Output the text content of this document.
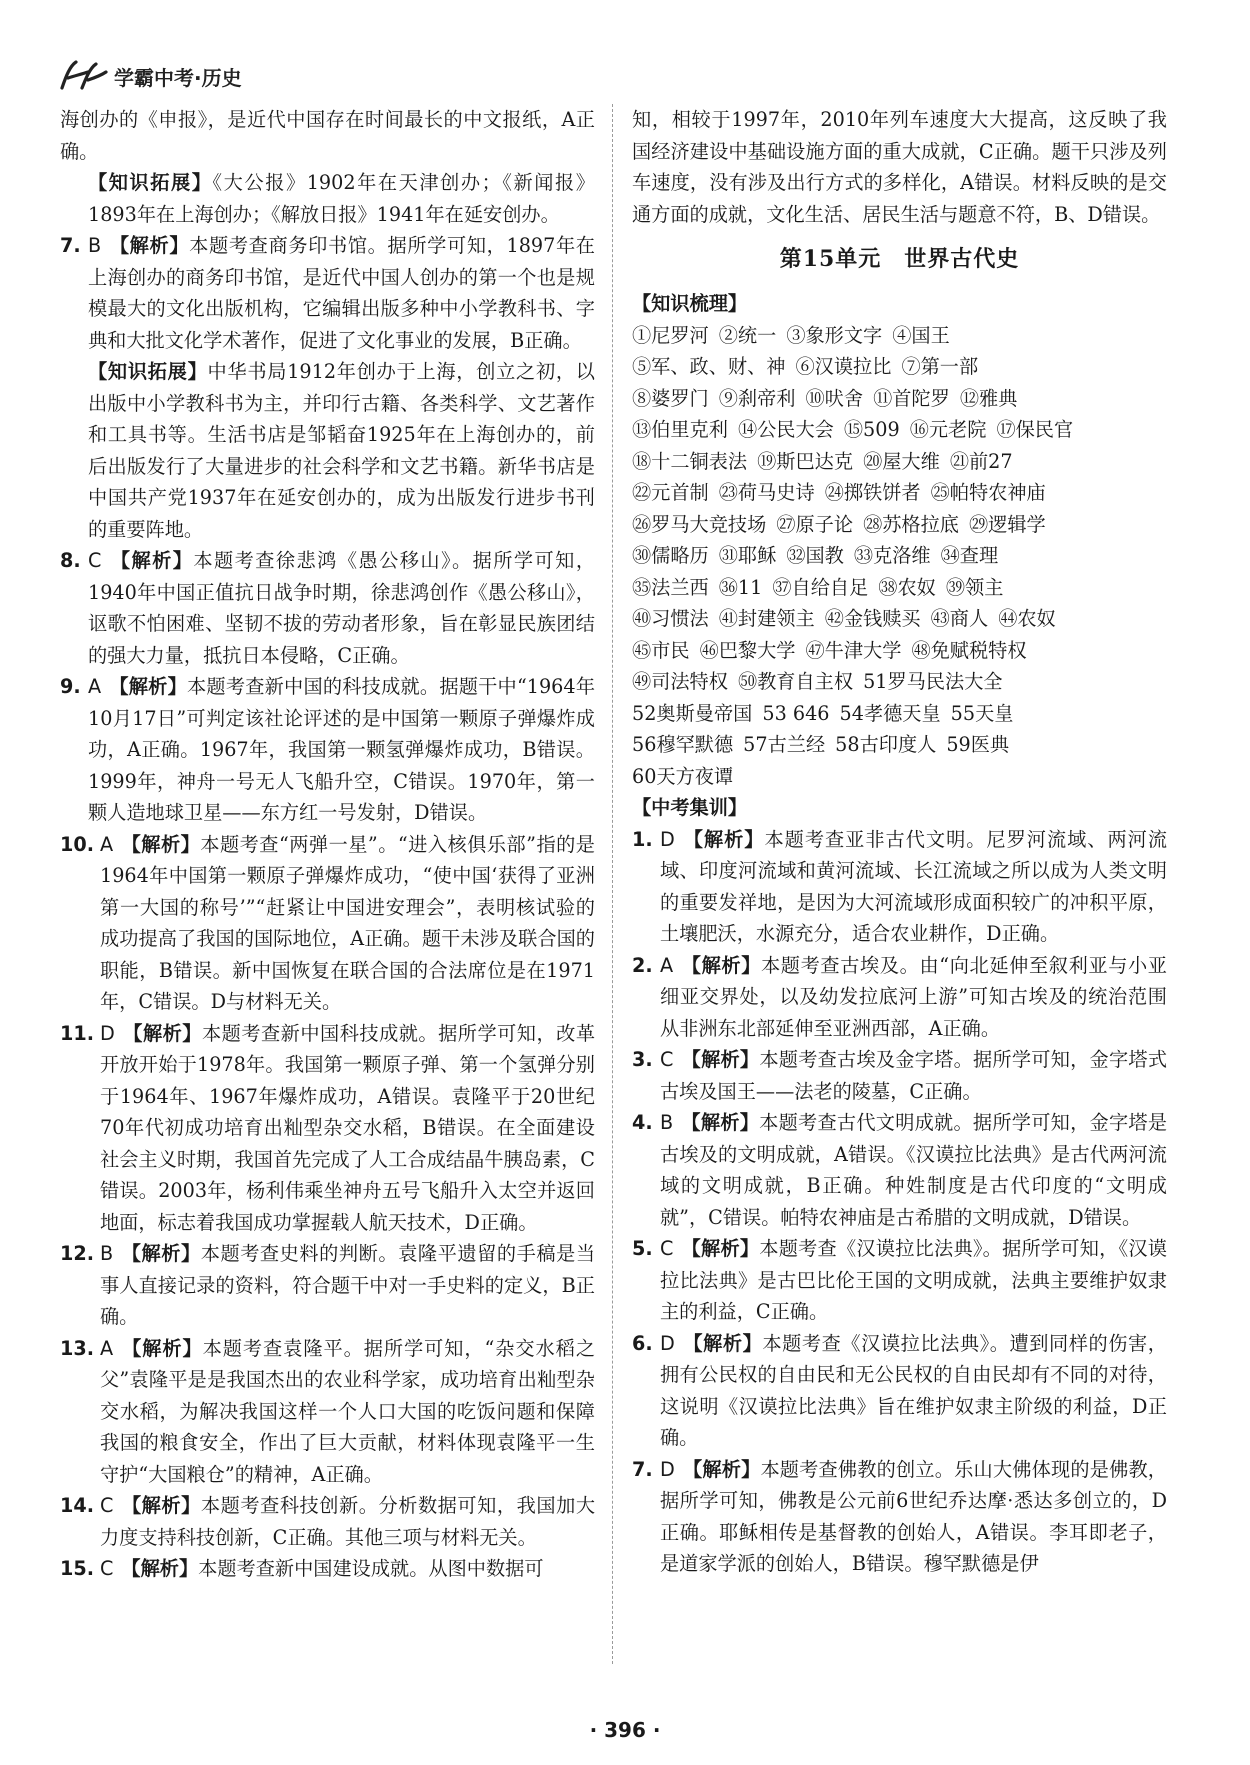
学霸中考·历史

海创办的《申报》，是近代中国存在时间最长的中文报纸，A正确。

【知识拓展】《大公报》1902年在天津创办；《新闻报》1893年在上海创办；《解放日报》1941年在延安创办。

7. B 【解析】本题考查商务印书馆。据所学可知，1897年在上海创办的商务印书馆，是近代中国人创办的第一个也是规模最大的文化出版机构，它编辑出版多种中小学教科书、字典和大批文化学术著作，促进了文化事业的发展，B正确。

【知识拓展】中华书局1912年创办于上海，创立之初，以出版中小学教科书为主，并印行古籍、各类科学、文艺著作和工具书等。生活书店是邹韬奋1925年在上海创办的，前后出版发行了大量进步的社会科学和文艺书籍。新华书店是中国共产党1937年在延安创办的，成为出版发行进步书刊的重要阵地。

8. C 【解析】本题考查徐悲鸿《愚公移山》。据所学可知，1940年中国正值抗日战争时期，徐悲鸿创作《愚公移山》，讴歌不怕困难、坚韧不拔的劳动者形象，旨在彰显民族团结的强大力量，抵抗日本侵略，C正确。

9. A 【解析】本题考查新中国的科技成就。据题干中“1964年10月17日”可判定该社论评述的是中国第一颗原子弹爆炸成功，A正确。1967年，我国第一颗氢弹爆炸成功，B错误。1999年，神舟一号无人飞船升空，C错误。1970年，第一颗人造地球卫星——东方红一号发射，D错误。

10. A 【解析】本题考查“两弹一星”。“进入核俱乐部”指的是1964年中国第一颗原子弹爆炸成功，“使中国‘获得了亚洲第一大国的称号’”“赶紧让中国进安理会”，表明核试验的成功提高了我国的国际地位，A正确。题干未涉及联合国的职能，B错误。新中国恢复在联合国的合法席位是在1971年，C错误。D与材料无关。

11. D 【解析】本题考查新中国科技成就。据所学可知，改革开放开始于1978年。我国第一颗原子弹、第一个氢弹分别于1964年、1967年爆炸成功，A错误。袁隆平于20世纪70年代初成功培育出籼型杂交水稻，B错误。在全面建设社会主义时期，我国首先完成了人工合成结晶牛胰岛素，C错误。2003年，杨利伟乘坐神舟五号飞船升入太空并返回地面，标志着我国成功掌握载人航天技术，D正确。

12. B 【解析】本题考查史料的判断。袁隆平遗留的手稿是当事人直接记录的资料，符合题干中对一手史料的定义，B正确。

13. A 【解析】本题考查袁隆平。据所学可知，“杂交水稻之父”袁隆平是是我国杰出的农业科学家，成功培育出籼型杂交水稻，为解决我国这样一个人口大国的吃饭问题和保障我国的粮食安全，作出了巨大贡献，材料体现袁隆平一生守护“大国粮仓”的精神，A正确。

14. C 【解析】本题考查科技创新。分析数据可知，我国加大力度支持科技创新，C正确。其他三项与材料无关。

15. C 【解析】本题考查新中国建设成就。从图中数据可

知，相较于1997年，2010年列车速度大大提高，这反映了我国经济建设中基础设施方面的重大成就，C正确。题干只涉及列车速度，没有涉及出行方式的多样化，A错误。材料反映的是交通方面的成就，文化生活、居民生活与题意不符，B、D错误。

第15单元　世界古代史

【知识梳理】

①尼罗河 ②统一 ③象形文字 ④国王

⑤军、政、财、神 ⑥汉谟拉比 ⑦第一部

⑧婆罗门 ⑨刹帝利 ⑩吠舍 ⑪首陀罗 ⑫雅典

⑬伯里克利 ⑭公民大会 ⑮509 ⑯元老院 ⑰保民官

⑱十二铜表法 ⑲斯巴达克 ⑳屋大维 ㉑前27

㉒元首制 ㉓荷马史诗 ㉔掷铁饼者 ㉕帕特农神庙

㉖罗马大竞技场 ㉗原子论 ㉘苏格拉底 ㉙逻辑学

㉚儒略历 ㉛耶稣 ㉜国教 ㉝克洛维 ㉞查理

㉟法兰西 ㊱11 ㊲自给自足 ㊳农奴 ㊴领主

㊵习惯法 ㊶封建领主 ㊷金钱赎买 ㊸商人 ㊹农奴

㊺市民 ㊻巴黎大学 ㊼牛津大学 ㊽免赋税特权

㊾司法特权 ㊿教育自主权 51罗马民法大全

52奥斯曼帝国 53 646 54孝德天皇 55天皇

56穆罕默德 57古兰经 58古印度人 59医典

60天方夜谭

【中考集训】

1. D 【解析】本题考查亚非古代文明。尼罗河流域、两河流域、印度河流域和黄河流域、长江流域之所以成为人类文明的重要发祥地，是因为大河流域形成面积较广的冲积平原，土壤肥沃，水源充分，适合农业耕作，D正确。

2. A 【解析】本题考查古埃及。由“向北延伸至叙利亚与小亚细亚交界处，以及幼发拉底河上游”可知古埃及的统治范围从非洲东北部延伸至亚洲西部，A正确。

3. C 【解析】本题考查古埃及金字塔。据所学可知，金字塔式古埃及国王——法老的陵墓，C正确。

4. B 【解析】本题考查古代文明成就。据所学可知，金字塔是古埃及的文明成就，A错误。《汉谟拉比法典》是古代两河流域的文明成就，B正确。种姓制度是古代印度的“文明成就”，C错误。帕特农神庙是古希腊的文明成就，D错误。

5. C 【解析】本题考查《汉谟拉比法典》。据所学可知，《汉谟拉比法典》是古巴比伦王国的文明成就，法典主要维护奴隶主的利益，C正确。

6. D 【解析】本题考查《汉谟拉比法典》。遭到同样的伤害，拥有公民权的自由民和无公民权的自由民却有不同的对待，这说明《汉谟拉比法典》旨在维护奴隶主阶级的利益，D正确。

7. D 【解析】本题考查佛教的创立。乐山大佛体现的是佛教，据所学可知，佛教是公元前6世纪乔达摩·悉达多创立的，D正确。耶稣相传是基督教的创始人，A错误。李耳即老子，是道家学派的创始人，B错误。穆罕默德是伊

· 396 ·
